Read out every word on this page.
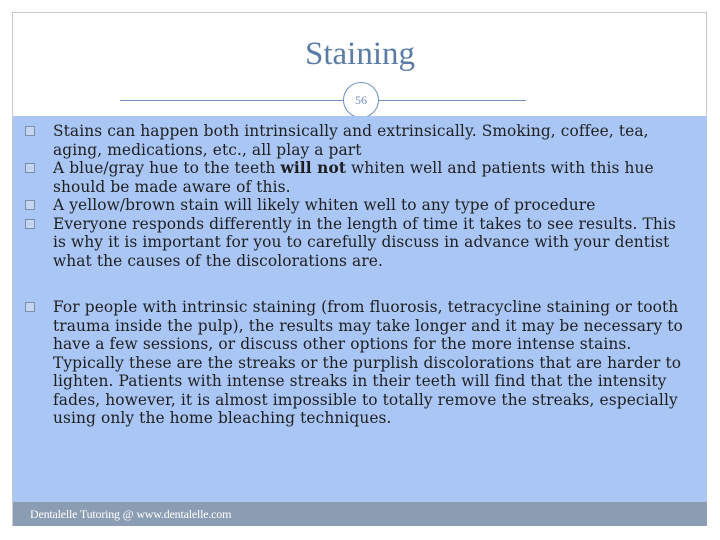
Staining
56
Stains can happen both intrinsically and extrinsically. Smoking, coffee, tea, aging, medications, etc., all play a part
A blue/gray hue to the teeth will not whiten well and patients with this hue should be made aware of this.
A yellow/brown stain will likely whiten well to any type of procedure
Everyone responds differently in the length of time it takes to see results. This is why it is important for you to carefully discuss in advance with your dentist what the causes of the discolorations are.
For people with intrinsic staining (from fluorosis, tetracycline staining or tooth trauma inside the pulp), the results may take longer and it may be necessary to have a few sessions, or discuss other options for the more intense stains. Typically these are the streaks or the purplish discolorations that are harder to lighten. Patients with intense streaks in their teeth will find that the intensity fades, however, it is almost impossible to totally remove the streaks, especially using only the home bleaching techniques.
Dentalelle Tutoring @ www.dentalelle.com
